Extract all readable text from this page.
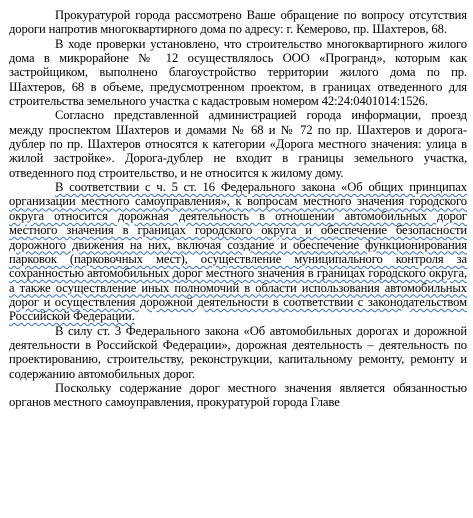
Прокуратурой города рассмотрено Ваше обращение по вопросу отсутствия дороги напротив многоквартирного дома по адресу: г. Кемерово, пр. Шахтеров, 68.

В ходе проверки установлено, что строительство многоквартирного жилого дома в микрорайоне № 12 осуществлялось ООО «Програнд», которым как застройщиком, выполнено благоустройство территории жилого дома по пр. Шахтеров, 68 в объеме, предусмотренном проектом, в границах отведенного для строительства земельного участка с кадастровым номером 42:24:0401014:1526.

Согласно представленной администрацией города информации, проезд между проспектом Шахтеров и домами № 68 и № 72 по пр. Шахтеров и дорога-дублер по пр. Шахтеров относятся к категории «Дорога местного значения: улица в жилой застройке». Дорога-дублер не входит в границы земельного участка, отведенного под строительство, и не относится к жилому дому.

В соответствии с ч. 5 ст. 16 Федерального закона «Об общих принципах организации местного самоуправления», к вопросам местного значения городского округа относится дорожная деятельность в отношении автомобильных дорог местного значения в границах городского округа и обеспечение безопасности дорожного движения на них, включая создание и обеспечение функционирования парковок (парковочных мест), осуществление муниципального контроля за сохранностью автомобильных дорог местного значения в границах городского округа, а также осуществление иных полномочий в области использования автомобильных дорог и осуществления дорожной деятельности в соответствии с законодательством Российской Федерации.

В силу ст. 3 Федерального закона «Об автомобильных дорогах и дорожной деятельности в Российской Федерации», дорожная деятельность – деятельность по проектированию, строительству, реконструкции, капитальному ремонту, ремонту и содержанию автомобильных дорог.

Поскольку содержание дорог местного значения является обязанностью органов местного самоуправления, прокуратурой города Главе
